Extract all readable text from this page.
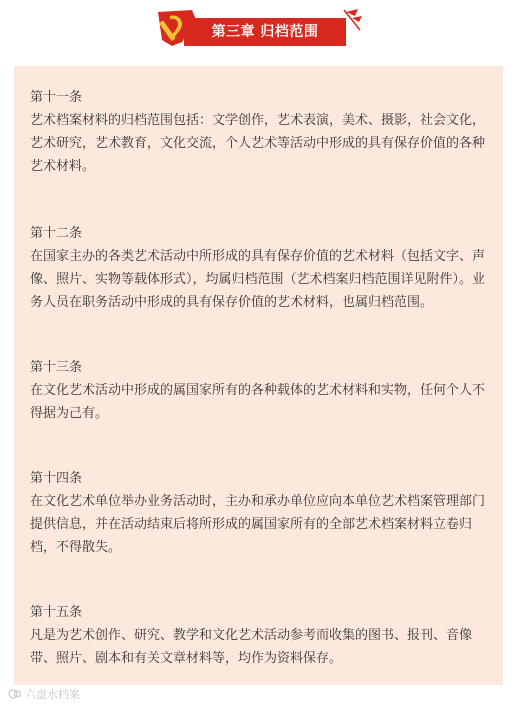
第三章 归档范围

第十一条

艺术档案材料的归档范围包括：文学创作，艺术表演，美术、摄影，社会文化，艺术研究，艺术教育，文化交流，个人艺术等活动中形成的具有保存价值的各种艺术材料。

第十二条

在国家主办的各类艺术活动中所形成的具有保存价值的艺术材料（包括文字、声像、照片、实物等载体形式），均属归档范围（艺术档案归档范围详见附件）。业务人员在职务活动中形成的具有保存价值的艺术材料，也属归档范围。

第十三条

在文化艺术活动中形成的属国家所有的各种载体的艺术材料和实物，任何个人不得据为己有。

第十四条

在文化艺术单位举办业务活动时，主办和承办单位应向本单位艺术档案管理部门提供信息，并在活动结束后将所形成的属国家所有的全部艺术档案材料立卷归档，不得散失。

第十五条

凡是为艺术创作、研究、教学和文化艺术活动参考而收集的图书、报刊、音像带、照片、剧本和有关文章材料等，均作为资料保存。

六盘水档案
